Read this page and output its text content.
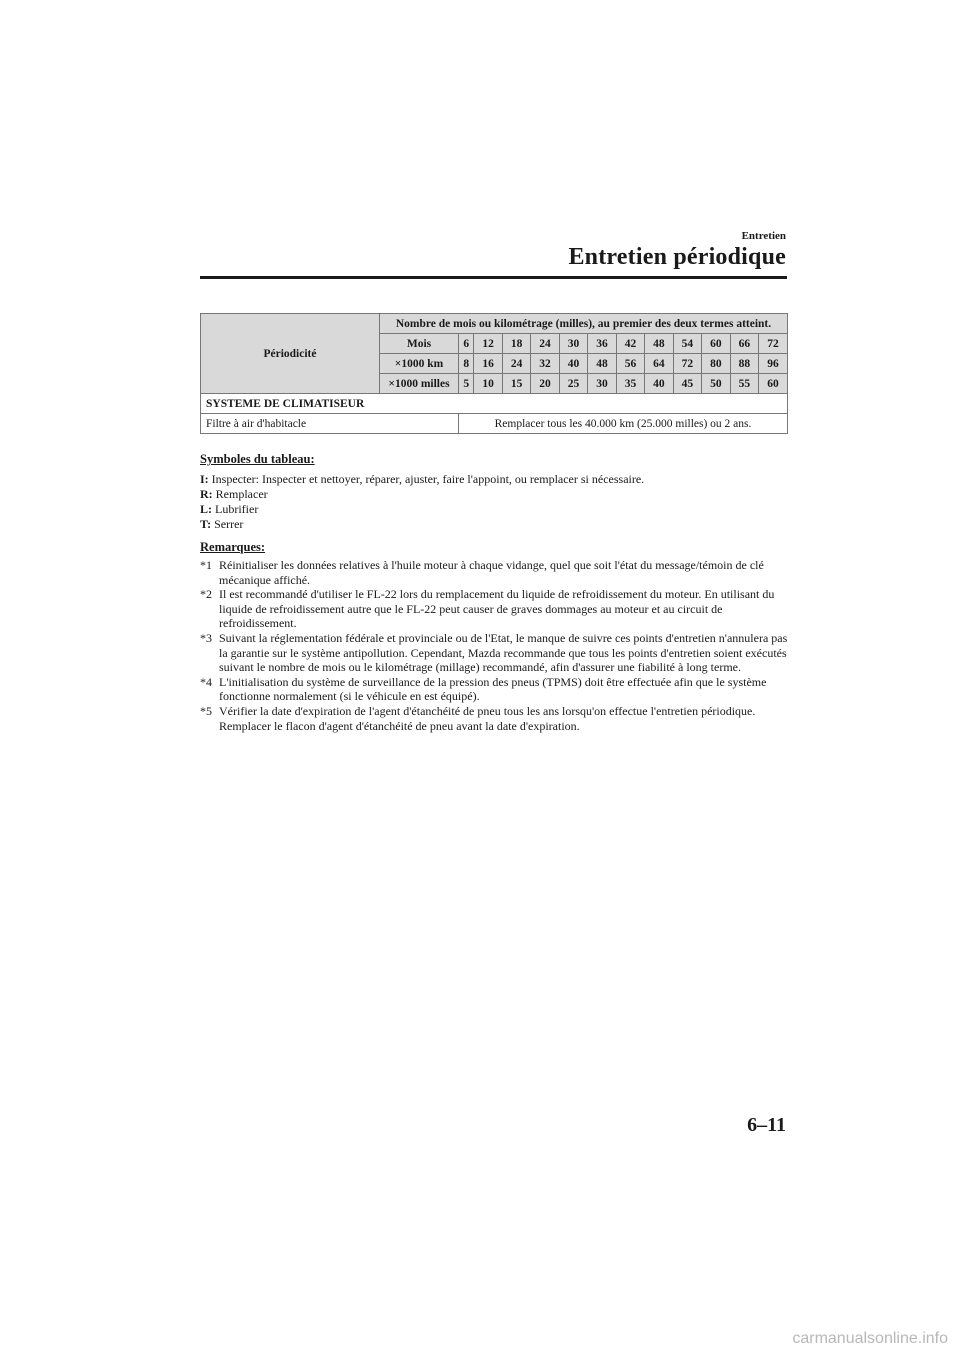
Entretien
Entretien périodique
Périodicité	Nombre de mois ou kilométrage (milles), au premier des deux termes atteint.												
	Mois	6	12	18	24	30	36	42	48	54	60	66	72
	×1000 km	8	16	24	32	40	48	56	64	72	80	88	96
	×1000 milles	5	10	15	20	25	30	35	40	45	50	55	60
SYSTEME DE CLIMATISEUR													
Filtre à air d'habitacle		Remplacer tous les 40.000 km (25.000 milles) ou 2 ans.											
Symboles du tableau:
I: Inspecter: Inspecter et nettoyer, réparer, ajuster, faire l'appoint, ou remplacer si nécessaire.
R: Remplacer
L: Lubrifier
T: Serrer
Remarques:
*1 Réinitialiser les données relatives à l'huile moteur à chaque vidange, quel que soit l'état du message/témoin de clé mécanique affiché.
*2 Il est recommandé d'utiliser le FL-22 lors du remplacement du liquide de refroidissement du moteur. En utilisant du liquide de refroidissement autre que le FL-22 peut causer de graves dommages au moteur et au circuit de refroidissement.
*3 Suivant la réglementation fédérale et provinciale ou de l'Etat, le manque de suivre ces points d'entretien n'annulera pas la garantie sur le système antipollution. Cependant, Mazda recommande que tous les points d'entretien soient exécutés suivant le nombre de mois ou le kilométrage (millage) recommandé, afin d'assurer une fiabilité à long terme.
*4 L'initialisation du système de surveillance de la pression des pneus (TPMS) doit être effectuée afin que le système fonctionne normalement (si le véhicule en est équipé).
*5 Vérifier la date d'expiration de l'agent d'étanchéité de pneu tous les ans lorsqu'on effectue l'entretien périodique. Remplacer le flacon d'agent d'étanchéité de pneu avant la date d'expiration.
6–11
carmanualsonline.info
